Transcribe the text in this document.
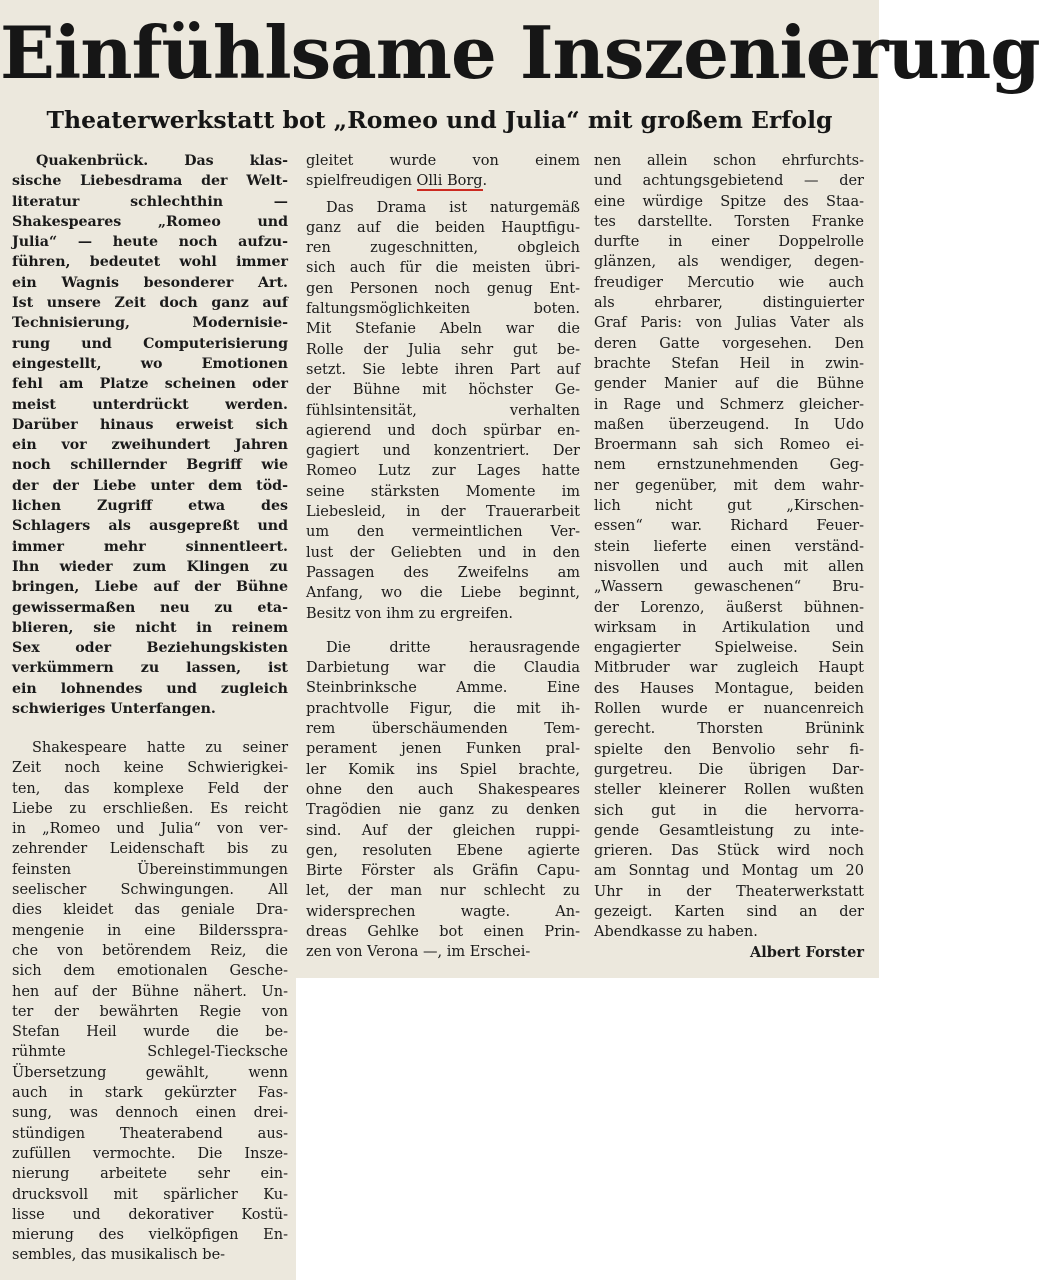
Einfühlsame Inszenierung
Theaterwerkstatt bot „Romeo und Julia“ mit großem Erfolg
Quakenbrück. Das klas-
sische Liebesdrama der Welt-
literatur schlechthin —
Shakespeares „Romeo und
Julia“ — heute noch aufzu-
führen, bedeutet wohl immer
ein Wagnis besonderer Art.
Ist unsere Zeit doch ganz auf
Technisierung, Modernisie-
rung und Computerisierung
eingestellt, wo Emotionen
fehl am Platze scheinen oder
meist unterdrückt werden.
Darüber hinaus erweist sich
ein vor zweihundert Jahren
noch schillernder Begriff wie
der der Liebe unter dem töd-
lichen Zugriff etwa des
Schlagers als ausgepreßt und
immer mehr sinnentleert.
Ihn wieder zum Klingen zu
bringen, Liebe auf der Bühne
gewissermaßen neu zu eta-
blieren, sie nicht in reinem
Sex oder Beziehungskisten
verkümmern zu lassen, ist
ein lohnendes und zugleich
schwieriges Unterfangen.
Shakespeare hatte zu seiner
Zeit noch keine Schwierigkei-
ten, das komplexe Feld der
Liebe zu erschließen. Es reicht
in „Romeo und Julia“ von ver-
zehrender Leidenschaft bis zu
feinsten Übereinstimmungen
seelischer Schwingungen. All
dies kleidet das geniale Dra-
mengenie in eine Bildersspra-
che von betörendem Reiz, die
sich dem emotionalen Gesche-
hen auf der Bühne nähert. Un-
ter der bewährten Regie von
Stefan Heil wurde die be-
rühmte Schlegel-Tiecksche
Übersetzung gewählt, wenn
auch in stark gekürzter Fas-
sung, was dennoch einen drei-
stündigen Theaterabend aus-
zufüllen vermochte. Die Insze-
nierung arbeitete sehr ein-
drucksvoll mit spärlicher Ku-
lisse und dekorativer Kostü-
mierung des vielköpfigen En-
sembles, das musikalisch be-
gleitet wurde von einem
spielfreudigen Olli Borg.
Das Drama ist naturgemäß
ganz auf die beiden Hauptfigu-
ren zugeschnitten, obgleich
sich auch für die meisten übri-
gen Personen noch genug Ent-
faltungsmöglichkeiten boten.
Mit Stefanie Abeln war die
Rolle der Julia sehr gut be-
setzt. Sie lebte ihren Part auf
der Bühne mit höchster Ge-
fühlsintensität, verhalten
agierend und doch spürbar en-
gagiert und konzentriert. Der
Romeo Lutz zur Lages hatte
seine stärksten Momente im
Liebesleid, in der Trauerarbeit
um den vermeintlichen Ver-
lust der Geliebten und in den
Passagen des Zweifelns am
Anfang, wo die Liebe beginnt,
Besitz von ihm zu ergreifen.
Die dritte herausragende
Darbietung war die Claudia
Steinbrinksche Amme. Eine
prachtvolle Figur, die mit ih-
rem überschäumenden Tem-
perament jenen Funken pral-
ler Komik ins Spiel brachte,
ohne den auch Shakespeares
Tragödien nie ganz zu denken
sind. Auf der gleichen ruppi-
gen, resoluten Ebene agierte
Birte Förster als Gräfin Capu-
let, der man nur schlecht zu
widersprechen wagte. An-
dreas Gehlke bot einen Prin-
zen von Verona —, im Erschei-
nen allein schon ehrfurchts-
und achtungsgebietend — der
eine würdige Spitze des Staa-
tes darstellte. Torsten Franke
durfte in einer Doppelrolle
glänzen, als wendiger, degen-
freudiger Mercutio wie auch
als ehrbarer, distinguierter
Graf Paris: von Julias Vater als
deren Gatte vorgesehen. Den
brachte Stefan Heil in zwin-
gender Manier auf die Bühne
in Rage und Schmerz gleicher-
maßen überzeugend. In Udo
Broermann sah sich Romeo ei-
nem ernstzunehmenden Geg-
ner gegenüber, mit dem wahr-
lich nicht gut „Kirschen-
essen“ war. Richard Feuer-
stein lieferte einen verständ-
nisvollen und auch mit allen
„Wassern gewaschenen“ Bru-
der Lorenzo, äußerst bühnen-
wirksam in Artikulation und
engagierter Spielweise. Sein
Mitbruder war zugleich Haupt
des Hauses Montague, beiden
Rollen wurde er nuancenreich
gerecht. Thorsten Brünink
spielte den Benvolio sehr fi-
gurgetreu. Die übrigen Dar-
steller kleinerer Rollen wußten
sich gut in die hervorra-
gende Gesamtleistung zu inte-
grieren. Das Stück wird noch
am Sonntag und Montag um 20
Uhr in der Theaterwerkstatt
gezeigt. Karten sind an der
Abendkasse zu haben.
Albert Forster
